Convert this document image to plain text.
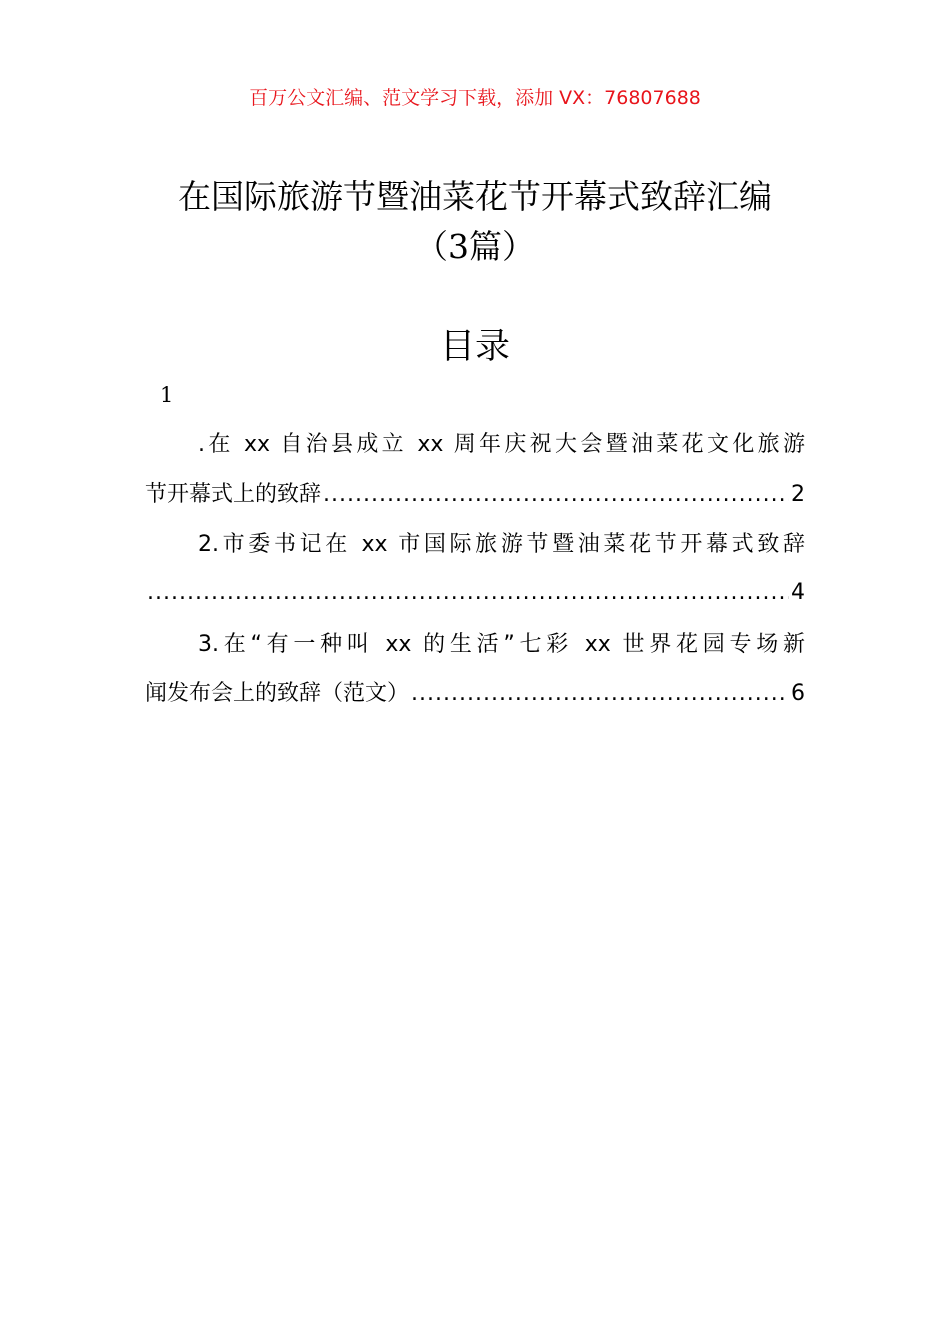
百万公文汇编、范文学习下载，添加 VX：76807688
在国际旅游节暨油菜花节开幕式致辞汇编
（3篇）
目录
1
.在 xx 自治县成立 xx 周年庆祝大会暨油菜花文化旅游
节开幕式上的致辞 .....	2
2.市委书记在 xx 市国际旅游节暨油菜花节开幕式致辞
.....
4
3.在“有一种叫 xx 的生活”七彩 xx 世界花园专场新
闻发布会上的致辞（范文） .....	6
